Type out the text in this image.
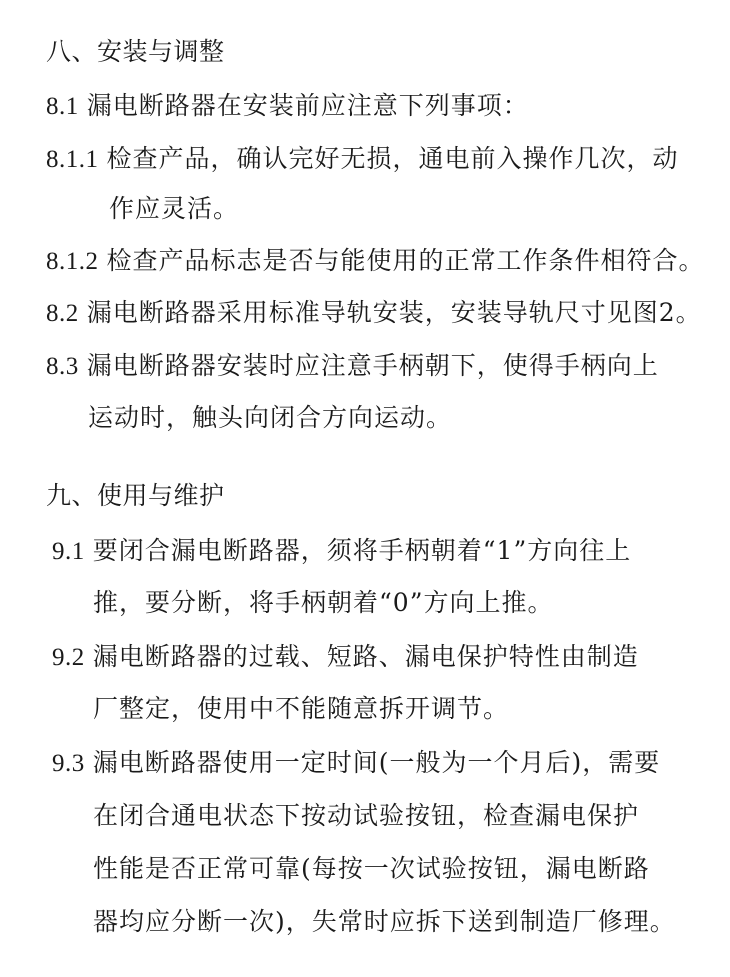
八、安装与调整
8.1 漏电断路器在安装前应注意下列事项：
8.1.1 检查产品，确认完好无损，通电前入操作几次，动
作应灵活。
8.1.2 检查产品标志是否与能使用的正常工作条件相符合。
8.2 漏电断路器采用标准导轨安装，安装导轨尺寸见图2。
8.3 漏电断路器安装时应注意手柄朝下，使得手柄向上
运动时，触头向闭合方向运动。
九、使用与维护
9.1 要闭合漏电断路器，须将手柄朝着“1”方向往上
推，要分断，将手柄朝着“0”方向上推。
9.2 漏电断路器的过载、短路、漏电保护特性由制造
厂整定，使用中不能随意拆开调节。
9.3 漏电断路器使用一定时间(一般为一个月后)，需要
在闭合通电状态下按动试验按钮，检查漏电保护
性能是否正常可靠(每按一次试验按钮，漏电断路
器均应分断一次)，失常时应拆下送到制造厂修理。
